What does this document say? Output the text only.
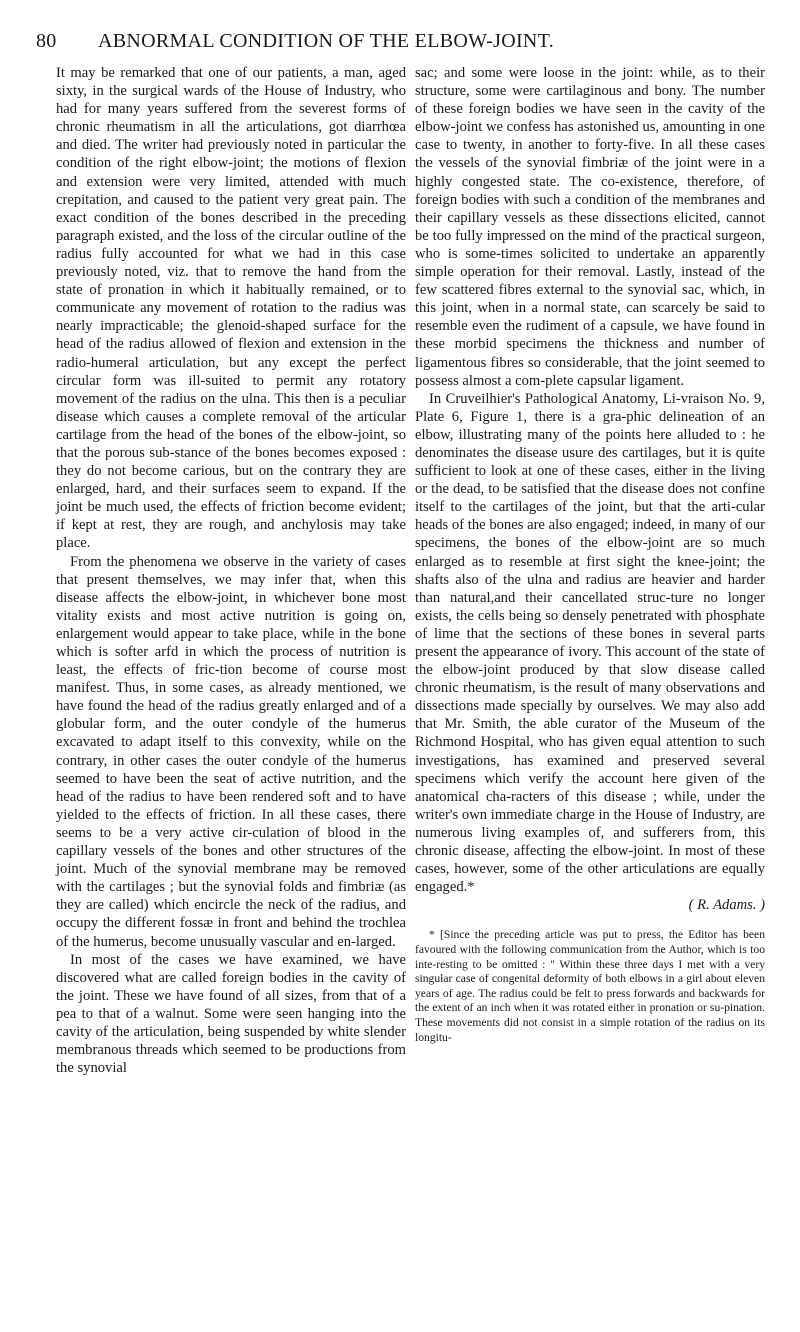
80 ABNORMAL CONDITION OF THE ELBOW-JOINT.

It may be remarked that one of our patients, a man, aged sixty, in the surgical wards of the House of Industry, who had for many years suffered from the severest forms of chronic rheumatism in all the articulations, got diarrhœa and died. The writer had previously noted in particular the condition of the right elbow-joint; the motions of flexion and extension were very limited, attended with much crepitation, and caused to the patient very great pain. The exact condition of the bones described in the preceding paragraph existed, and the loss of the circular outline of the radius fully accounted for what we had in this case previously noted, viz. that to remove the hand from the state of pronation in which it habitually remained, or to communicate any movement of rotation to the radius was nearly impracticable; the glenoid-shaped surface for the head of the radius allowed of flexion and extension in the radio-humeral articulation, but any except the perfect circular form was ill-suited to permit any rotatory movement of the radius on the ulna. This then is a peculiar disease which causes a complete removal of the articular cartilage from the head of the bones of the elbow-joint, so that the porous sub-stance of the bones becomes exposed : they do not become carious, but on the contrary they are enlarged, hard, and their surfaces seem to expand. If the joint be much used, the effects of friction become evident; if kept at rest, they are rough, and anchylosis may take place.

From the phenomena we observe in the variety of cases that present themselves, we may infer that, when this disease affects the elbow-joint, in whichever bone most vitality exists and most active nutrition is going on, enlargement would appear to take place, while in the bone which is softer arfd in which the process of nutrition is least, the effects of fric-tion become of course most manifest. Thus, in some cases, as already mentioned, we have found the head of the radius greatly enlarged and of a globular form, and the outer condyle of the humerus excavated to adapt itself to this convexity, while on the contrary, in other cases the outer condyle of the humerus seemed to have been the seat of active nutrition, and the head of the radius to have been rendered soft and to have yielded to the effects of friction. In all these cases, there seems to be a very active cir-culation of blood in the capillary vessels of the bones and other structures of the joint. Much of the synovial membrane may be removed with the cartilages ; but the synovial folds and fimbriæ (as they are called) which encircle the neck of the radius, and occupy the different fossæ in front and behind the trochlea of the humerus, become unusually vascular and en-larged.

In most of the cases we have examined, we have discovered what are called foreign bodies in the cavity of the joint. These we have found of all sizes, from that of a pea to that of a walnut. Some were seen hanging into the cavity of the articulation, being suspended by white slender membranous threads which seemed to be productions from the synovial

sac; and some were loose in the joint: while, as to their structure, some were cartilaginous and bony. The number of these foreign bodies we have seen in the cavity of the elbow-joint we confess has astonished us, amounting in one case to twenty, in another to forty-five. In all these cases the vessels of the synovial fimbriæ of the joint were in a highly congested state. The co-existence, therefore, of foreign bodies with such a condition of the membranes and their capillary vessels as these dissections elicited, cannot be too fully impressed on the mind of the practical surgeon, who is some-times solicited to undertake an apparently simple operation for their removal. Lastly, instead of the few scattered fibres external to the synovial sac, which, in this joint, when in a normal state, can scarcely be said to resemble even the rudiment of a capsule, we have found in these morbid specimens the thickness and number of ligamentous fibres so considerable, that the joint seemed to possess almost a com-plete capsular ligament.

In Cruveilhier's Pathological Anatomy, Li-vraison No. 9, Plate 6, Figure 1, there is a gra-phic delineation of an elbow, illustrating many of the points here alluded to : he denominates the disease usure des cartilages, but it is quite sufficient to look at one of these cases, either in the living or the dead, to be satisfied that the disease does not confine itself to the cartilages of the joint, but that the arti-cular heads of the bones are also engaged; indeed, in many of our specimens, the bones of the elbow-joint are so much enlarged as to resemble at first sight the knee-joint; the shafts also of the ulna and radius are heavier and harder than natural,and their cancellated struc-ture no longer exists, the cells being so densely penetrated with phosphate of lime that the sections of these bones in several parts present the appearance of ivory. This account of the state of the elbow-joint produced by that slow disease called chronic rheumatism, is the result of many observations and dissections made specially by ourselves. We may also add that Mr. Smith, the able curator of the Museum of the Richmond Hospital, who has given equal attention to such investigations, has examined and preserved several specimens which verify the account here given of the anatomical cha-racters of this disease ; while, under the writer's own immediate charge in the House of Industry, are numerous living examples of, and sufferers from, this chronic disease, affecting the elbow-joint. In most of these cases, however, some of the other articulations are equally engaged.*

( R. Adams. )

* [Since the preceding article was put to press, the Editor has been favoured with the following communication from the Author, which is too inte-resting to be omitted : " Within these three days I met with a very singular case of congenital deformity of both elbows in a girl about eleven years of age. The radius could be felt to press forwards and backwards for the extent of an inch when it was rotated either in pronation or su-pination. These movements did not consist in a simple rotation of the radius on its longitu-
